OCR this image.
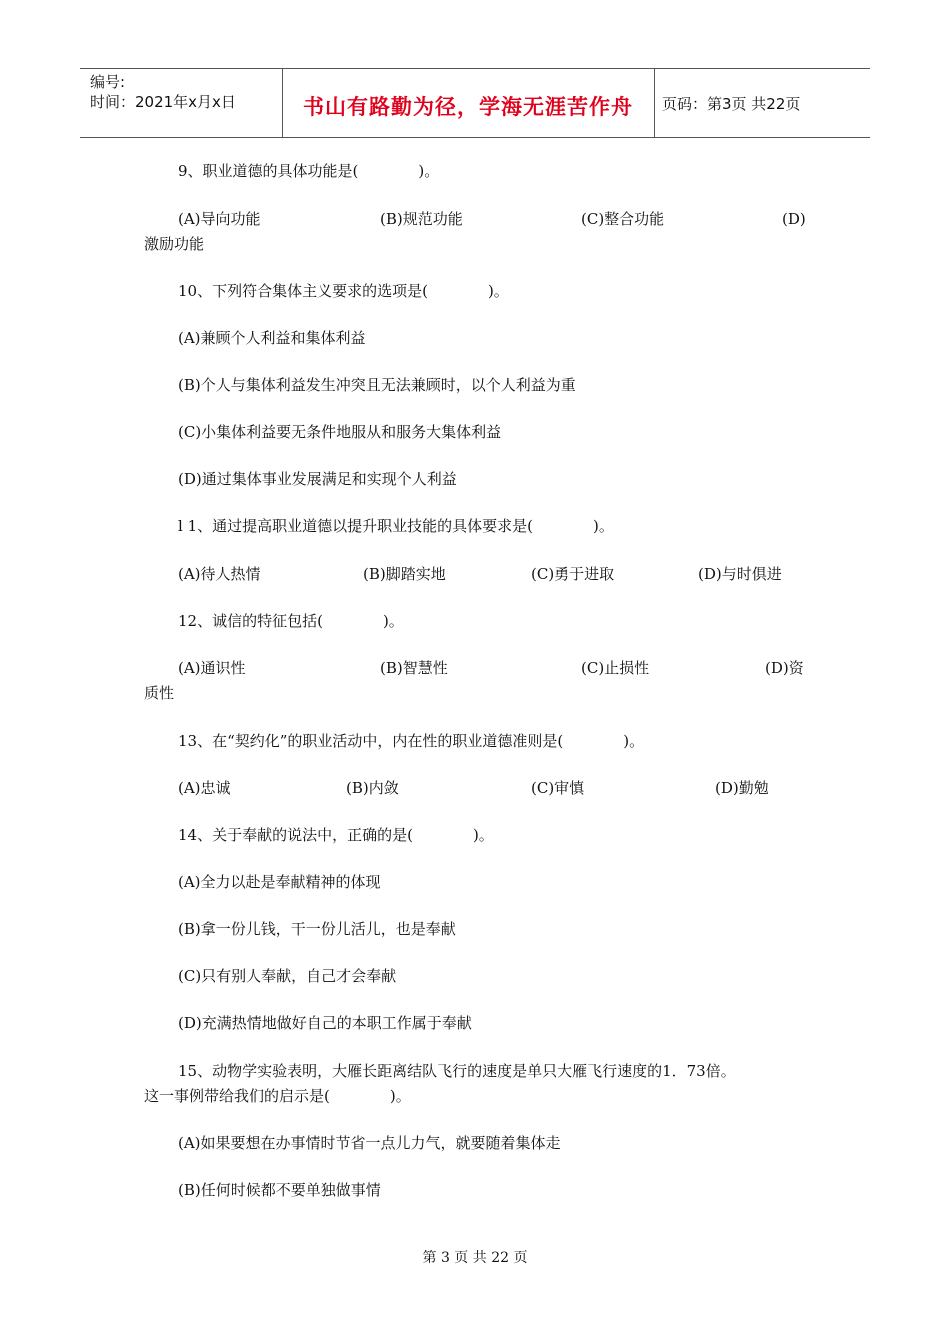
编号:
时间：2021年x月x日	书山有路勤为径，学海无涯苦作舟	页码：第3页 共22页
9、职业道德的具体功能是(　　　　)。
(A)导向功能	(B)规范功能	(C)整合功能	(D)
激励功能
10、下列符合集体主义要求的选项是(　　　　)。
(A)兼顾个人利益和集体利益
(B)个人与集体利益发生冲突且无法兼顾时，以个人利益为重
(C)小集体利益要无条件地服从和服务大集体利益
(D)通过集体事业发展满足和实现个人利益
l 1、通过提高职业道德以提升职业技能的具体要求是(　　　　)。
(A)待人热情	(B)脚踏实地	(C)勇于进取	(D)与时俱进
12、诚信的特征包括(　　　　)。
(A)通识性	(B)智慧性	(C)止损性	(D)资
质性
13、在“契约化”的职业活动中，内在性的职业道德准则是(　　　　)。
(A)忠诚	(B)内敛	(C)审慎	(D)勤勉
14、关于奉献的说法中，正确的是(　　　　)。
(A)全力以赴是奉献精神的体现
(B)拿一份儿钱，干一份儿活儿，也是奉献
(C)只有别人奉献，自己才会奉献
(D)充满热情地做好自己的本职工作属于奉献
15、动物学实验表明，大雁长距离结队飞行的速度是单只大雁飞行速度的1．73倍。
这一事例带给我们的启示是(　　　　)。
(A)如果要想在办事情时节省一点儿力气，就要随着集体走
(B)任何时候都不要单独做事情
第 3 页 共 22 页
